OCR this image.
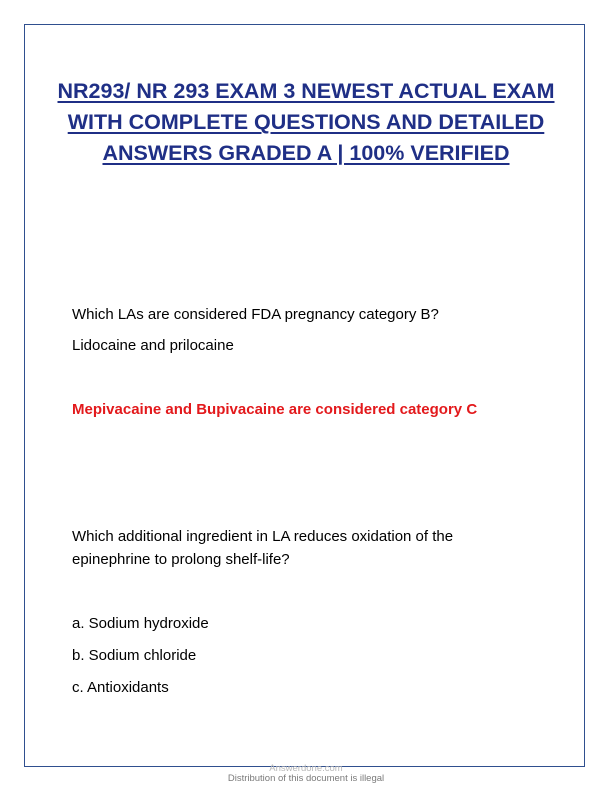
NR293/ NR 293 EXAM 3 NEWEST ACTUAL EXAM WITH COMPLETE QUESTIONS AND DETAILED ANSWERS GRADED A | 100% VERIFIED

Which LAs are considered FDA pregnancy category B?

Lidocaine and prilocaine

Mepivacaine and Bupivacaine are considered category C

Which additional ingredient in LA reduces oxidation of the

epinephrine to prolong shelf-life?

a. Sodium hydroxide

b. Sodium chloride

c. Antioxidants

Answerdone.com

Distribution of this document is illegal
